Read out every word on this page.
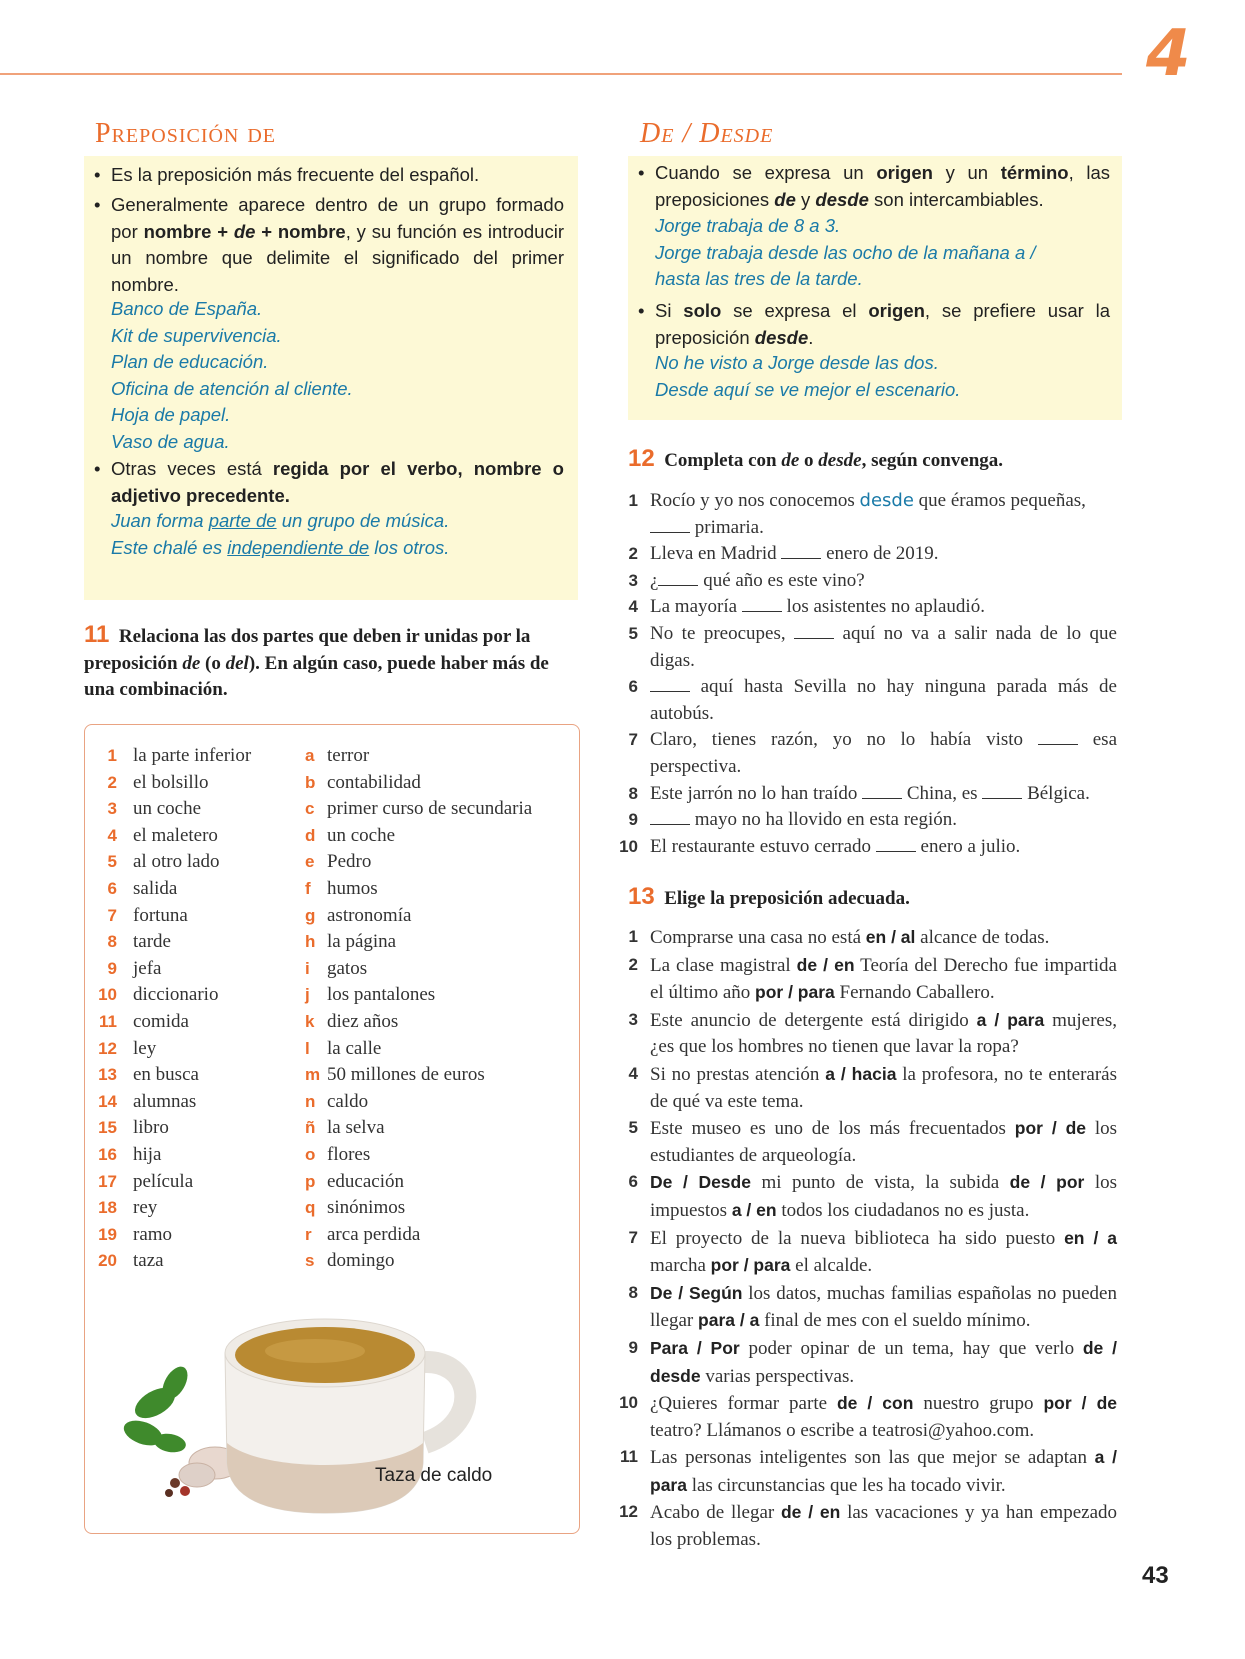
4
Preposición de
• Es la preposición más frecuente del español.
• Generalmente aparece dentro de un grupo formado por nombre + de + nombre, y su función es introducir un nombre que delimite el significado del primer nombre.
Banco de España.
Kit de supervivencia.
Plan de educación.
Oficina de atención al cliente.
Hoja de papel.
Vaso de agua.
• Otras veces está regida por el verbo, nombre o adjetivo precedente.
Juan forma parte de un grupo de música.
Este chalé es independiente de los otros.
De / Desde
• Cuando se expresa un origen y un término, las preposiciones de y desde son intercambiables.
Jorge trabaja de 8 a 3.
Jorge trabaja desde las ocho de la mañana a /
hasta las tres de la tarde.
• Si solo se expresa el origen, se prefiere usar la preposición desde.
No he visto a Jorge desde las dos.
Desde aquí se ve mejor el escenario.
11 Relaciona las dos partes que deben ir unidas por la preposición de (o del). En algún caso, puede haber más de una combinación.
1 la parte inferior
2 el bolsillo
3 un coche
4 el maletero
5 al otro lado
6 salida
7 fortuna
8 tarde
9 jefa
10 diccionario
11 comida
12 ley
13 en busca
14 alumnas
15 libro
16 hija
17 película
18 rey
19 ramo
20 taza
a terror
b contabilidad
c primer curso de secundaria
d un coche
e Pedro
f humos
g astronomía
h la página
i gatos
j los pantalones
k diez años
l la calle
m 50 millones de euros
n caldo
ñ la selva
o flores
p educación
q sinónimos
r arca perdida
s domingo
Taza de caldo
12 Completa con de o desde, según convenga.
1 Rocío y yo nos conocemos desde que éramos pequeñas,
primaria.
2 Lleva en Madrid  enero de 2019.
3 ¿ qué año es este vino?
4 La mayoría  los asistentes no aplaudió.
5 No te preocupes,  aquí no va a salir nada de lo que digas.
6	aquí hasta Sevilla no hay ninguna parada más de autobús.
7 Claro, tienes razón, yo no lo había visto  esa perspectiva.
8 Este jarrón no lo han traído  China, es  Bélgica.
9	mayo no ha llovido en esta región.
10 El restaurante estuvo cerrado  enero a julio.
13 Elige la preposición adecuada.
1 Comprarse una casa no está en / al alcance de todas.
2 La clase magistral de / en Teoría del Derecho fue impartida el último año por / para Fernando Caballero.
3 Este anuncio de detergente está dirigido a / para mujeres, ¿es que los hombres no tienen que lavar la ropa?
4 Si no prestas atención a / hacia la profesora, no te enterarás de qué va este tema.
5 Este museo es uno de los más frecuentados por / de los estudiantes de arqueología.
6 De / Desde mi punto de vista, la subida de / por los impuestos a / en todos los ciudadanos no es justa.
7 El proyecto de la nueva biblioteca ha sido puesto en / a marcha por / para el alcalde.
8 De / Según los datos, muchas familias españolas no pueden llegar para / a final de mes con el sueldo mínimo.
9 Para / Por poder opinar de un tema, hay que verlo de / desde varias perspectivas.
10 ¿Quieres formar parte de / con nuestro grupo por / de teatro? Llámanos o escribe a teatrosi@yahoo.com.
11 Las personas inteligentes son las que mejor se adaptan a / para las circunstancias que les ha tocado vivir.
12 Acabo de llegar de / en las vacaciones y ya han empezado los problemas.
43
